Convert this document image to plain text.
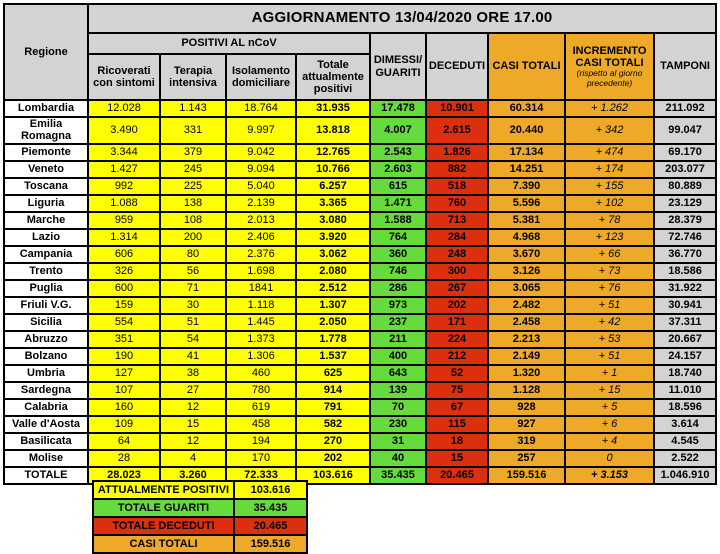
Regione	AGGIORNAMENTO 13/04/2020 ORE 17.00								
	POSITIVI AL nCoV				DIMESSI/ GUARITI	DECEDUTI	CASI TOTALI	INCREMENTO CASI TOTALI
(rispetto al giorno precedente)	TAMPONI
	Ricoverati con sintomi	Terapia intensiva	Isolamento domiciliare	Totale attualmente positivi					
Lombardia	12.028	1.143	18.764	31.935	17.478	10.901	60.314	+ 1.262	211.092
Emilia Romagna	3.490	331	9.997	13.818	4.007	2.615	20.440	+ 342	99.047
Piemonte	3.344	379	9.042	12.765	2.543	1.826	17.134	+ 474	69.170
Veneto	1.427	245	9.094	10.766	2.603	882	14.251	+ 174	203.077
Toscana	992	225	5.040	6.257	615	518	7.390	+ 155	80.889
Liguria	1.088	138	2.139	3.365	1.471	760	5.596	+ 102	23.129
Marche	959	108	2.013	3.080	1.588	713	5.381	+ 78	28.379
Lazio	1.314	200	2.406	3.920	764	284	4.968	+ 123	72.746
Campania	606	80	2.376	3.062	360	248	3.670	+ 66	36.770
Trento	326	56	1.698	2.080	746	300	3.126	+ 73	18.586
Puglia	600	71	1841	2.512	286	267	3.065	+ 76	31.922
Friuli V.G.	159	30	1.118	1.307	973	202	2.482	+ 51	30.941
Sicilia	554	51	1.445	2.050	237	171	2.458	+ 42	37.311
Abruzzo	351	54	1.373	1.778	211	224	2.213	+ 53	20.667
Bolzano	190	41	1.306	1.537	400	212	2.149	+ 51	24.157
Umbria	127	38	460	625	643	52	1.320	+ 1	18.740
Sardegna	107	27	780	914	139	75	1.128	+ 15	11.010
Calabria	160	12	619	791	70	67	928	+ 5	18.596
Valle d'Aosta	109	15	458	582	230	115	927	+ 6	3.614
Basilicata	64	12	194	270	31	18	319	+ 4	4.545
Molise	28	4	170	202	40	15	257	0	2.522
TOTALE	28.023	3.260	72.333	103.616	35.435	20.465	159.516	+ 3.153	1.046.910
ATTUALMENTE POSITIVI	103.616
TOTALE GUARITI	35.435
TOTALE DECEDUTI	20.465
CASI TOTALI	159.516
